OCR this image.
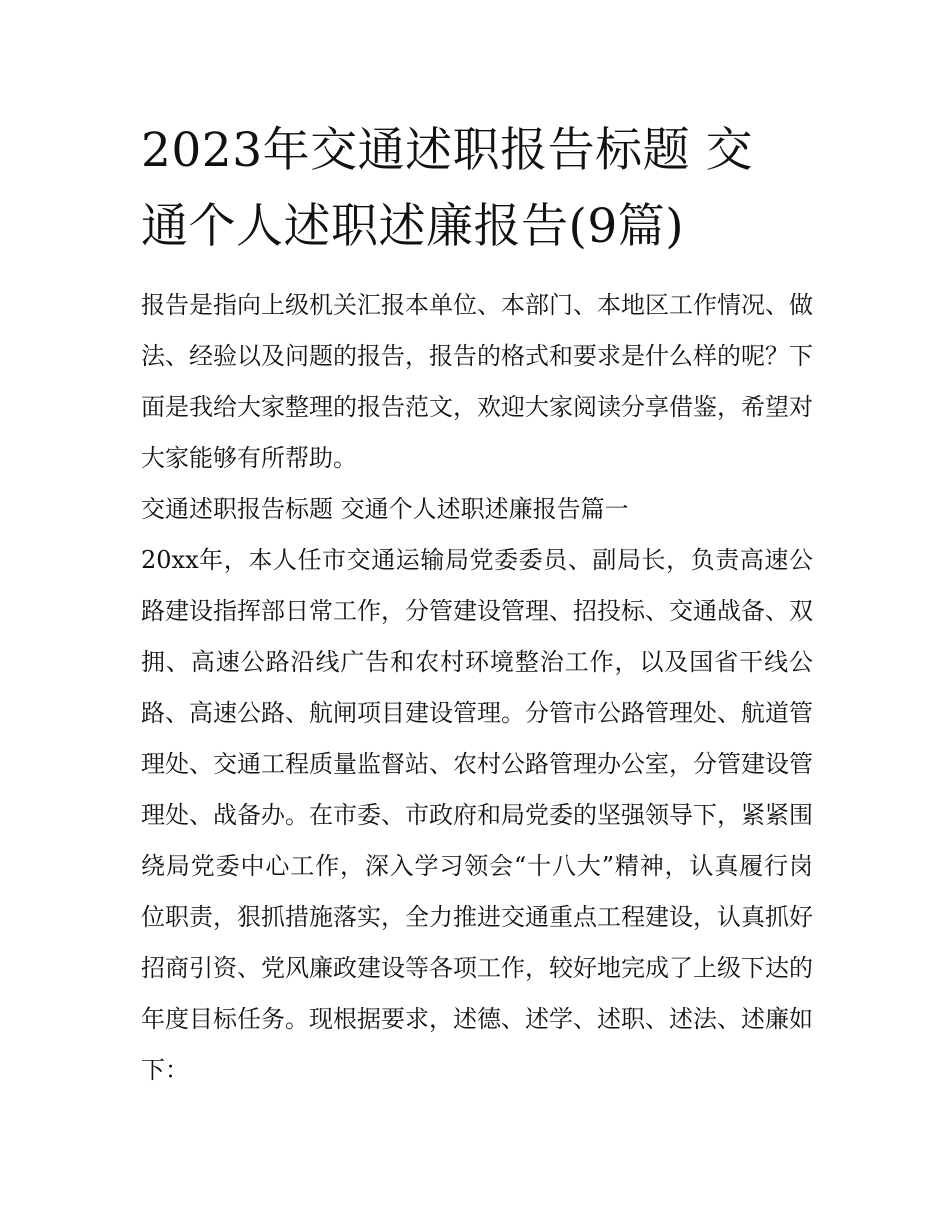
2023年交通述职报告标题 交
通个人述职述廉报告(9篇)

报告是指向上级机关汇报本单位、本部门、本地区工作情况、做法、经验以及问题的报告，报告的格式和要求是什么样的呢？下面是我给大家整理的报告范文，欢迎大家阅读分享借鉴，希望对大家能够有所帮助。

交通述职报告标题 交通个人述职述廉报告篇一

20xx年，本人任市交通运输局党委委员、副局长，负责高速公路建设指挥部日常工作，分管建设管理、招投标、交通战备、双拥、高速公路沿线广告和农村环境整治工作，以及国省干线公路、高速公路、航闸项目建设管理。分管市公路管理处、航道管理处、交通工程质量监督站、农村公路管理办公室，分管建设管理处、战备办。在市委、市政府和局党委的坚强领导下，紧紧围绕局党委中心工作，深入学习领会“十八大”精神，认真履行岗位职责，狠抓措施落实，全力推进交通重点工程建设，认真抓好招商引资、党风廉政建设等各项工作，较好地完成了上级下达的年度目标任务。现根据要求，述德、述学、述职、述法、述廉如下：
